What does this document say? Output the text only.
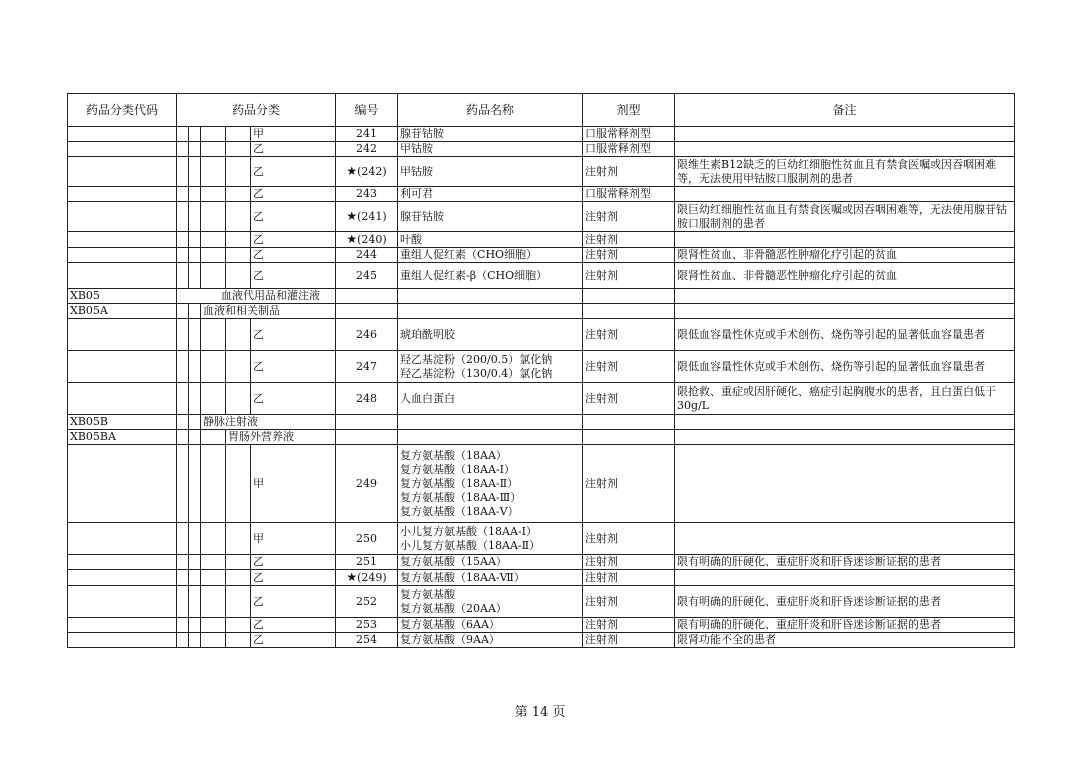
药品分类代码	药品分类					编号	药品名称	剂型	备注
					甲	241	腺苷钴胺	口服常释剂型	
					乙	242	甲钴胺	口服常释剂型	
					乙	★(242)	甲钴胺	注射剂	限维生素B12缺乏的巨幼红细胞性贫血且有禁食医嘱或因吞咽困难等，无法使用甲钴胺口服制剂的患者
					乙	243	利可君	口服常释剂型	
					乙	★(241)	腺苷钴胺	注射剂	限巨幼红细胞性贫血且有禁食医嘱或因吞咽困难等，无法使用腺苷钴胺口服制剂的患者
					乙	★(240)	叶酸	注射剂	
					乙	244	重组人促红素（CHO细胞）	注射剂	限肾性贫血、非骨髓恶性肿瘤化疗引起的贫血
					乙	245	重组人促红素-β（CHO细胞）	注射剂	限肾性贫血、非骨髓恶性肿瘤化疗引起的贫血
XB05	血液代用品和灌注液								
XB05A			血液和相关制品						
					乙	246	琥珀酰明胶	注射剂	限低血容量性休克或手术创伤、烧伤等引起的显著低血容量患者
					乙	247	羟乙基淀粉（200/0.5）氯化钠
羟乙基淀粉（130/0.4）氯化钠	注射剂	限低血容量性休克或手术创伤、烧伤等引起的显著低血容量患者
					乙	248	人血白蛋白	注射剂	限抢救、重症或因肝硬化、癌症引起胸腹水的患者，且白蛋白低于30g/L
XB05B			静脉注射液						
XB05BA				胃肠外营养液					
					甲	249	复方氨基酸（18AA）
复方氨基酸（18AA-Ⅰ）
复方氨基酸（18AA-Ⅱ）
复方氨基酸（18AA-Ⅲ）
复方氨基酸（18AA-Ⅴ）	注射剂	
					甲	250	小儿复方氨基酸（18AA-Ⅰ）
小儿复方氨基酸（18AA-Ⅱ）	注射剂	
					乙	251	复方氨基酸（15AA）	注射剂	限有明确的肝硬化、重症肝炎和肝昏迷诊断证据的患者
					乙	★(249)	复方氨基酸（18AA-Ⅶ）	注射剂	
					乙	252	复方氨基酸
复方氨基酸（20AA）	注射剂	限有明确的肝硬化、重症肝炎和肝昏迷诊断证据的患者
					乙	253	复方氨基酸（6AA）	注射剂	限有明确的肝硬化、重症肝炎和肝昏迷诊断证据的患者
					乙	254	复方氨基酸（9AA）	注射剂	限肾功能不全的患者
第 14 页
